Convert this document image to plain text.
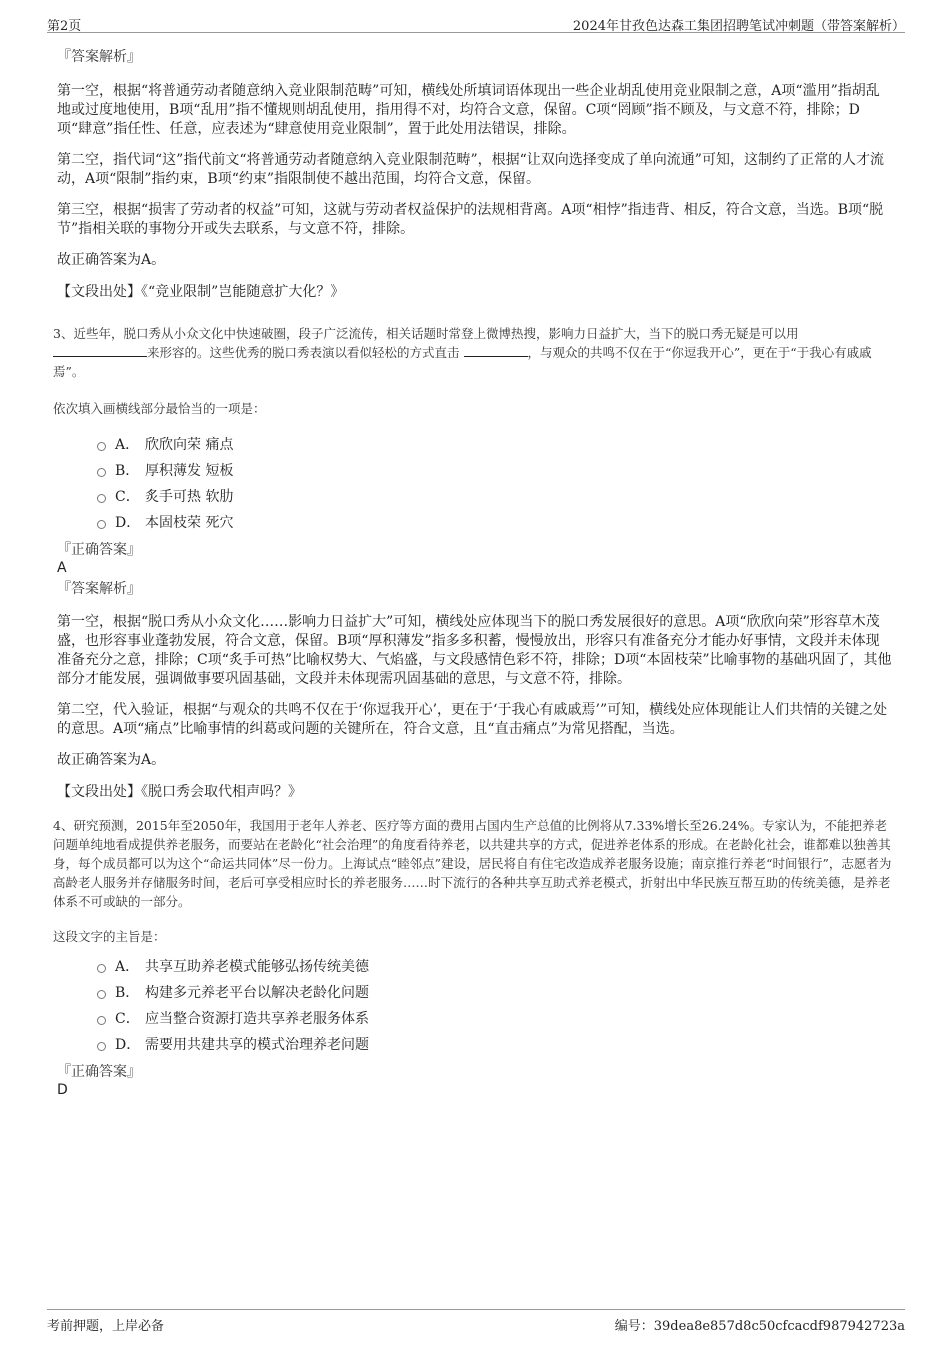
第2页	2024年甘孜色达森工集团招聘笔试冲刺题（带答案解析）
『答案解析』

第一空，根据“将普通劳动者随意纳入竞业限制范畴”可知，横线处所填词语体现出一些企业胡乱使用竞业限制之意，A项“滥用”指胡乱地或过度地使用，B项“乱用”指不懂规则胡乱使用，指用得不对，均符合文意，保留。C项“罔顾”指不顾及，与文意不符，排除；D项“肆意”指任性、任意，应表述为“肆意使用竞业限制”，置于此处用法错误，排除。

第二空，指代词“这”指代前文“将普通劳动者随意纳入竞业限制范畴”，根据“让双向选择变成了单向流通”可知，这制约了正常的人才流动，A项“限制”指约束，B项“约束”指限制使不越出范围，均符合文意，保留。

第三空，根据“损害了劳动者的权益”可知，这就与劳动者权益保护的法规相背离。A项“相悖”指违背、相反，符合文意，当选。B项“脱节”指相关联的事物分开或失去联系，与文意不符，排除。

故正确答案为A。

【文段出处】《“竞业限制”岂能随意扩大化？》

3、近些年，脱口秀从小众文化中快速破圈，段子广泛流传，相关话题时常登上微博热搜，影响力日益扩大，当下的脱口秀无疑是可以用
来形容的。这些优秀的脱口秀表演以看似轻松的方式直击	，与观众的共鸣不仅在于“你逗我开心”，更在于“于我心有戚戚焉”。

依次填入画横线部分最恰当的一项是：

A． 欣欣向荣 痛点
B． 厚积薄发 短板
C． 炙手可热 软肋
D． 本固枝荣 死穴
『正确答案』
A
『答案解析』

第一空，根据“脱口秀从小众文化……影响力日益扩大”可知，横线处应体现当下的脱口秀发展很好的意思。A项“欣欣向荣”形容草木茂盛，也形容事业蓬勃发展，符合文意，保留。B项“厚积薄发”指多多积蓄，慢慢放出，形容只有准备充分才能办好事情，文段并未体现准备充分之意，排除；C项“炙手可热”比喻权势大、气焰盛，与文段感情色彩不符，排除；D项“本固枝荣”比喻事物的基础巩固了，其他部分才能发展，强调做事要巩固基础，文段并未体现需巩固基础的意思，与文意不符，排除。

第二空，代入验证，根据“与观众的共鸣不仅在于‘你逗我开心’，更在于‘于我心有戚戚焉’”可知，横线处应体现能让人们共情的关键之处的意思。A项“痛点”比喻事情的纠葛或问题的关键所在，符合文意，且“直击痛点”为常见搭配，当选。

故正确答案为A。

【文段出处】《脱口秀会取代相声吗？》

4、研究预测，2015年至2050年，我国用于老年人养老、医疗等方面的费用占国内生产总值的比例将从7.33%增长至26.24%。专家认为，不能把养老问题单纯地看成提供养老服务，而要站在老龄化“社会治理”的角度看待养老，以共建共享的方式，促进养老体系的形成。在老龄化社会，谁都难以独善其身，每个成员都可以为这个“命运共同体”尽一份力。上海试点“睦邻点”建设，居民将自有住宅改造成养老服务设施；南京推行养老“时间银行”，志愿者为高龄老人服务并存储服务时间，老后可享受相应时长的养老服务……时下流行的各种共享互助式养老模式，折射出中华民族互帮互助的传统美德，是养老体系不可或缺的一部分。

这段文字的主旨是：

A． 共享互助养老模式能够弘扬传统美德
B． 构建多元养老平台以解决老龄化问题
C． 应当整合资源打造共享养老服务体系
D． 需要用共建共享的模式治理养老问题
『正确答案』
D
考前押题，上岸必备	编号：39dea8e857d8c50cfcacdf987942723a
